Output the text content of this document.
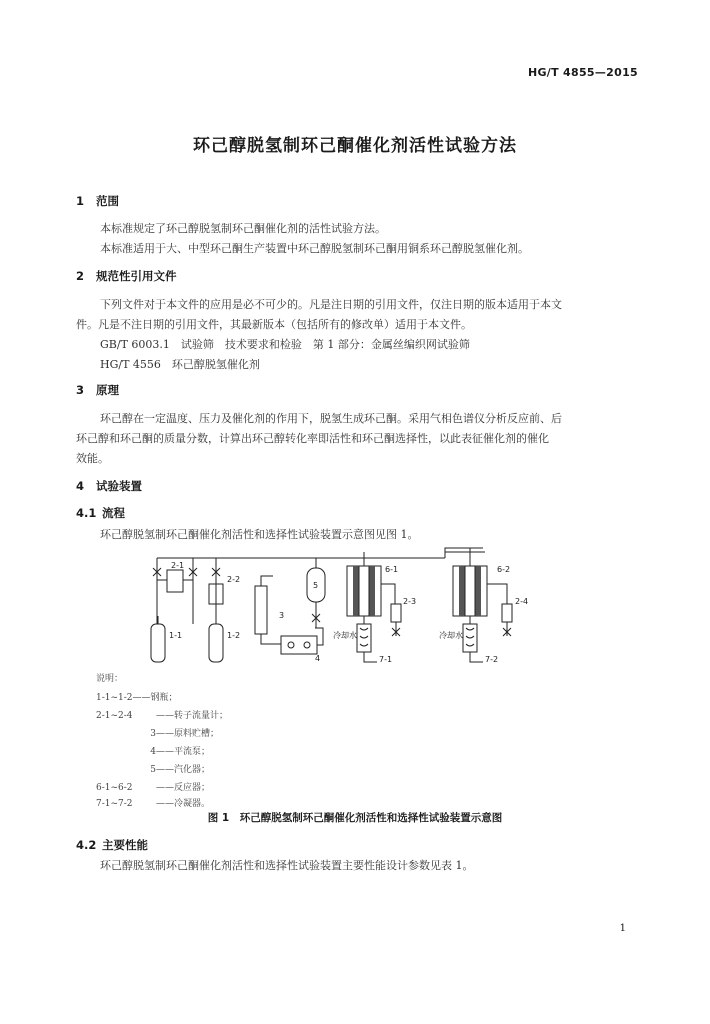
HG/T 4855—2015
环己醇脱氢制环己酮催化剂活性试验方法
1 范围
本标准规定了环己醇脱氢制环己酮催化剂的活性试验方法。
本标准适用于大、中型环己酮生产装置中环己醇脱氢制环己酮用铜系环己醇脱氢催化剂。
2 规范性引用文件
下列文件对于本文件的应用是必不可少的。凡是注日期的引用文件，仅注日期的版本适用于本文
件。凡是不注日期的引用文件，其最新版本（包括所有的修改单）适用于本文件。
GB/T 6003.1　试验筛　技术要求和检验　第 1 部分：金属丝编织网试验筛
HG/T 4556　环己醇脱氢催化剂
3 原理
环己醇在一定温度、压力及催化剂的作用下，脱氢生成环己酮。采用气相色谱仪分析反应前、后
环己醇和环己酮的质量分数，计算出环己醇转化率即活性和环己酮选择性，以此表征催化剂的催化
效能。
4 试验装置
4.1 流程
环己醇脱氢制环己酮催化剂活性和选择性试验装置示意图见图 1。
2-1
2-2
1-1	1-2
3
4
5
6-1
2-3
冷却水
7-1
6-2
2-4
冷却水
7-2
说明：
1-1~1-2——钢瓶；
2-1~2-4	——转子流量计；
3——原料贮槽；
4——平流泵；
5——汽化器；
6-1~6-2	——反应器；
7-1~7-2	——冷凝器。
图 1　环己醇脱氢制环己酮催化剂活性和选择性试验装置示意图
4.2 主要性能
环己醇脱氢制环己酮催化剂活性和选择性试验装置主要性能设计参数见表 1。
1
